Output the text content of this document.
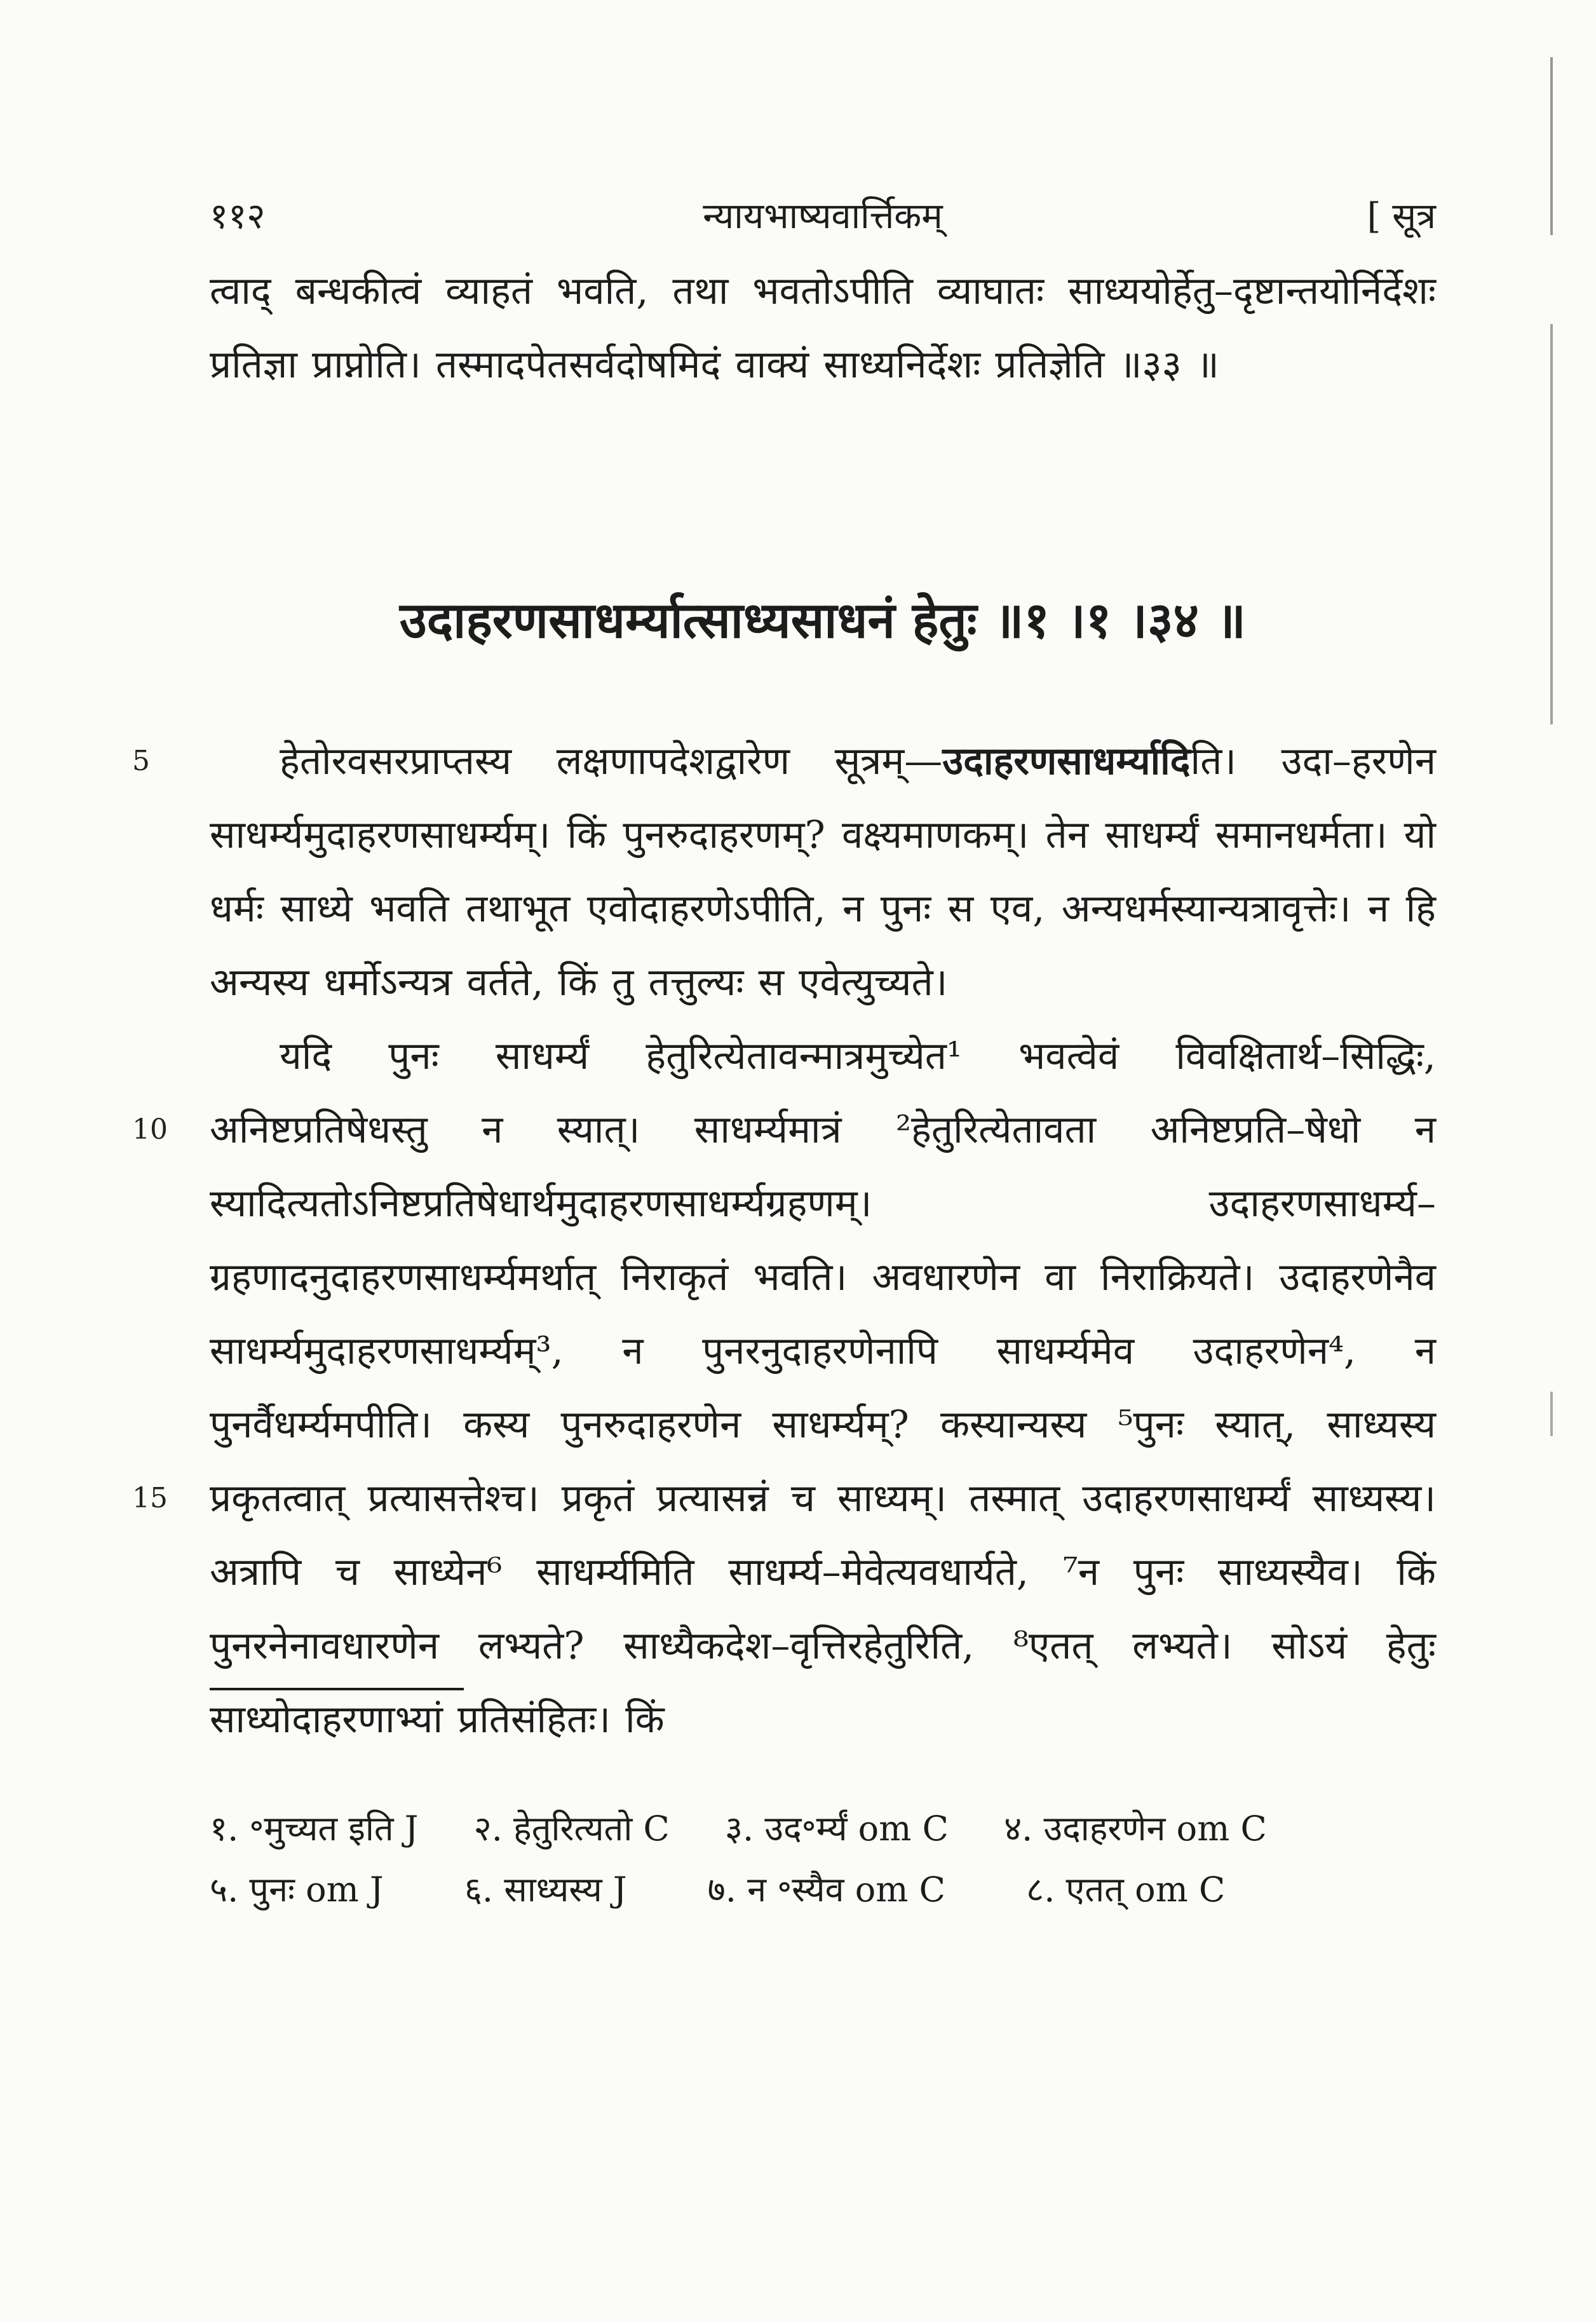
११२	न्यायभाष्यवार्त्तिकम्	[ सूत्र

त्वाद् बन्धकीत्वं व्याहतं भवति, तथा भवतोऽपीति व्याघातः साध्ययोर्हेतु–दृष्टान्तयोर्निर्देशः प्रतिज्ञा प्राप्नोति। तस्मादपेतसर्वदोषमिदं वाक्यं साध्यनिर्देशः प्रतिज्ञेति ॥३३ ॥

उदाहरणसाधर्म्यात्साध्यसाधनं हेतुः ॥१ ।१ ।३४ ॥

हेतोरवसरप्राप्तस्य लक्षणापदेशद्वारेण सूत्रम्—उदाहरणसाधर्म्यादिति। उदा–हरणेन साधर्म्यमुदाहरणसाधर्म्यम्। किं पुनरुदाहरणम्? वक्ष्यमाणकम्। तेन साधर्म्यं समानधर्मता। यो धर्मः साध्ये भवति तथाभूत एवोदाहरणेऽपीति, न पुनः स एव, अन्यधर्मस्यान्यत्रावृत्तेः। न हि अन्यस्य धर्मोऽन्यत्र वर्तते, किं तु तत्तुल्यः स एवेत्युच्यते।

यदि पुनः साधर्म्यं हेतुरित्येतावन्मात्रमुच्येत¹ भवत्वेवं विवक्षितार्थ–सिद्धिः, अनिष्टप्रतिषेधस्तु न स्यात्। साधर्म्यमात्रं ²हेतुरित्येतावता अनिष्टप्रति–षेधो न स्यादित्यतोऽनिष्टप्रतिषेधार्थमुदाहरणसाधर्म्यग्रहणम्। उदाहरणसाधर्म्य–ग्रहणादनुदाहरणसाधर्म्यमर्थात् निराकृतं भवति। अवधारणेन वा निराक्रियते। उदाहरणेनैव साधर्म्यमुदाहरणसाधर्म्यम्³, न पुनरनुदाहरणेनापि साधर्म्यमेव उदाहरणेन⁴, न पुनर्वैधर्म्यमपीति। कस्य पुनरुदाहरणेन साधर्म्यम्? कस्यान्यस्य ⁵पुनः स्यात्, साध्यस्य प्रकृतत्वात् प्रत्यासत्तेश्च। प्रकृतं प्रत्यासन्नं च साध्यम्। तस्मात् उदाहरणसाधर्म्यं साध्यस्य। अत्रापि च साध्येन⁶ साधर्म्यमिति साधर्म्य–मेवेत्यवधार्यते, ⁷न पुनः साध्यस्यैव। किं पुनरनेनावधारणेन लभ्यते? साध्यैकदेश–वृत्तिरहेतुरिति, ⁸एतत् लभ्यते। सोऽयं हेतुः साध्योदाहरणाभ्यां प्रतिसंहितः। किं

5
10
15
१. ॰मुच्यत इति J २. हेतुरित्यतो C ३. उद॰र्म्यं om C ४. उदाहरणेन om C
५. पुनः om J ६. साध्यस्य J ७. न ॰स्यैव om C ८. एतत् om C
